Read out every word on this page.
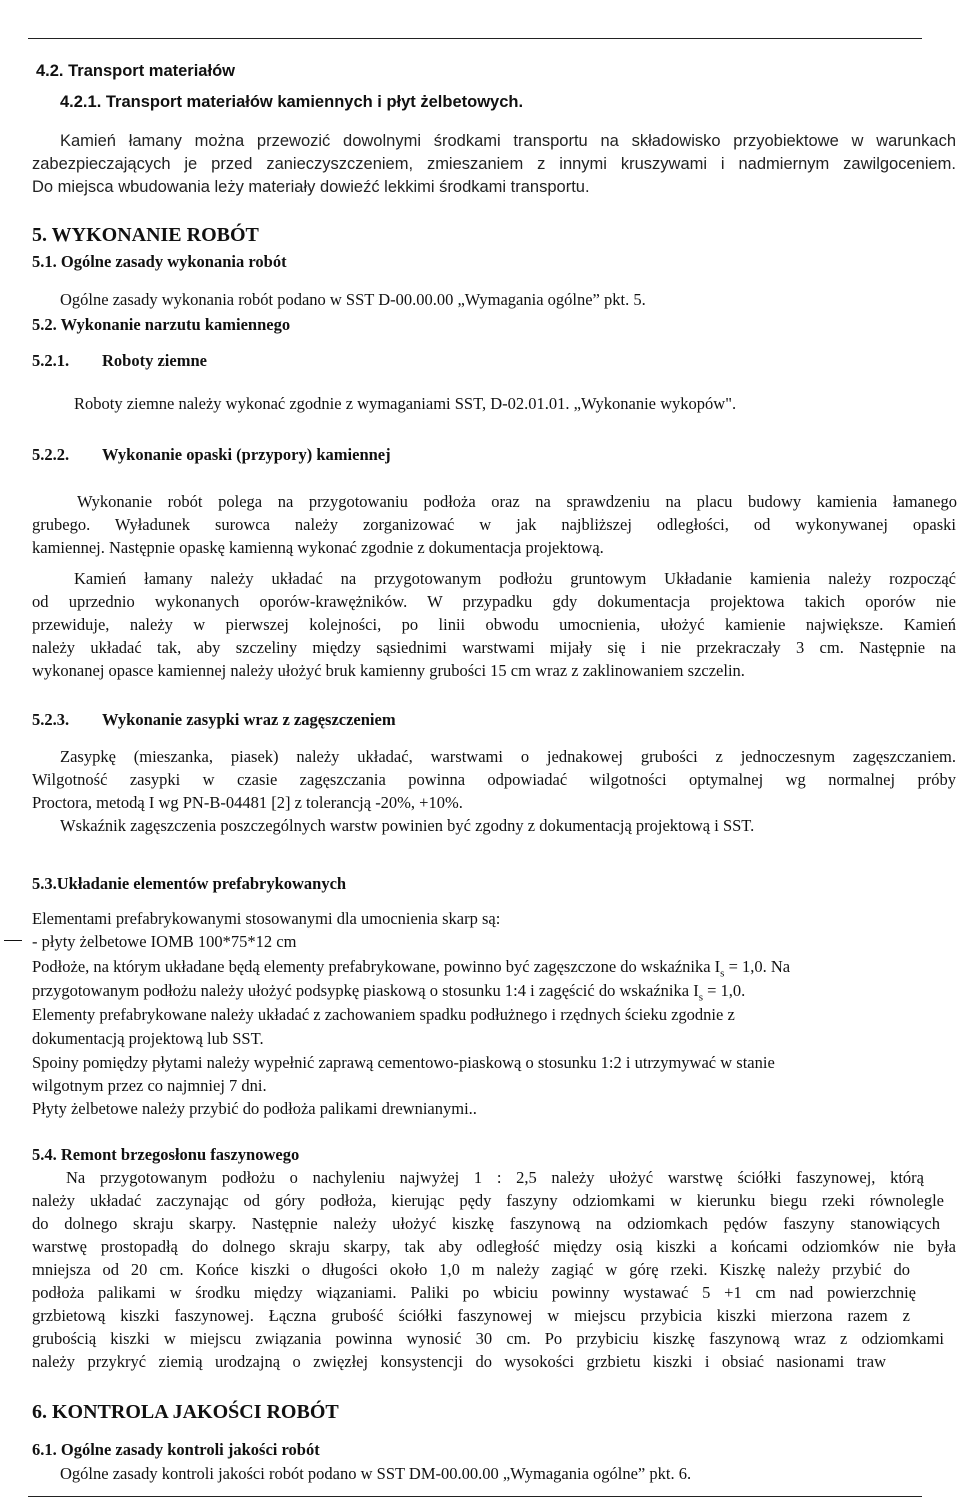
4.2. Transport materiałów
4.2.1. Transport materiałów kamiennych i płyt żelbetowych.
Kamień łamany można przewozić dowolnymi środkami transportu na składowisko przyobiektowe w warunkach
zabezpieczających je przed zanieczyszczeniem, zmieszaniem z innymi kruszywami i nadmiernym zawilgoceniem.
Do miejsca wbudowania leży materiały dowieźć lekkimi środkami transportu.
5. WYKONANIE ROBÓT
5.1. Ogólne zasady wykonania robót
Ogólne zasady wykonania robót podano w SST D-00.00.00 „Wymagania ogólne” pkt. 5.
5.2. Wykonanie narzutu kamiennego
5.2.1. Roboty ziemne
Roboty ziemne należy wykonać zgodnie z wymaganiami SST, D-02.01.01. „Wykonanie wykopów".
5.2.2. Wykonanie opaski (przypory) kamiennej
Wykonanie robót polega na przygotowaniu podłoża oraz na sprawdzeniu na placu budowy kamienia łamanego
grubego. Wyładunek surowca należy zorganizować w jak najbliższej odległości, od wykonywanej opaski
kamiennej. Następnie opaskę kamienną wykonać zgodnie z dokumentacja projektową.
Kamień łamany należy układać na przygotowanym podłożu gruntowym Układanie kamienia należy rozpocząć
od uprzednio wykonanych oporów-krawężników. W przypadku gdy dokumentacja projektowa takich oporów nie
przewiduje, należy w pierwszej kolejności, po linii obwodu umocnienia, ułożyć kamienie największe. Kamień
należy układać tak, aby szczeliny między sąsiednimi warstwami mijały się i nie przekraczały 3 cm. Następnie na
wykonanej opasce kamiennej należy ułożyć bruk kamienny grubości 15 cm wraz z zaklinowaniem szczelin.
5.2.3. Wykonanie zasypki wraz z zagęszczeniem
Zasypkę (mieszanka, piasek) należy układać, warstwami o jednakowej grubości z jednoczesnym zagęszczaniem.
Wilgotność zasypki w czasie zagęszczania powinna odpowiadać wilgotności optymalnej wg normalnej próby
Proctora, metodą I wg PN-B-04481 [2] z tolerancją -20%, +10%.
Wskaźnik zagęszczenia poszczególnych warstw powinien być zgodny z dokumentacją projektową i SST.
5.3.Układanie elementów prefabrykowanych
Elementami prefabrykowanymi stosowanymi dla umocnienia skarp są:
- płyty żelbetowe IOMB 100*75*12 cm
Podłoże, na którym układane będą elementy prefabrykowane, powinno być zagęszczone do wskaźnika $I_s = 1,0$. Na
przygotowanym podłożu należy ułożyć podsypkę piaskową o stosunku 1:4 i zagęścić do wskaźnika $I_s = 1,0$.
Elementy prefabrykowane należy układać z zachowaniem spadku podłużnego i rzędnych ścieku zgodnie z
dokumentacją projektową lub SST.
Spoiny pomiędzy płytami należy wypełnić zaprawą cementowo-piaskową o stosunku 1:2 i utrzymywać w stanie
wilgotnym przez co najmniej 7 dni.
Płyty żelbetowe należy przybić do podłoża palikami drewnianymi..
5.4. Remont brzegosłonu faszynowego
Na przygotowanym podłożu o nachyleniu najwyżej 1 : 2,5 należy ułożyć warstwę ściółki faszynowej, którą
należy układać zaczynając od góry podłoża, kierując pędy faszyny odziomkami w kierunku biegu rzeki równolegle
do dolnego skraju skarpy. Następnie należy ułożyć kiszkę faszynową na odziomkach pędów faszyny stanowiących
warstwę prostopadłą do dolnego skraju skarpy, tak aby odległość między osią kiszki a końcami odziomków nie była
mniejsza od 20 cm. Końce kiszki o długości około 1,0 m należy zagiąć w górę rzeki. Kiszkę należy przybić do
podłoża palikami w środku między wiązaniami. Paliki po wbiciu powinny wystawać 5 +1 cm nad powierzchnię
grzbietową kiszki faszynowej. Łączna grubość ściółki faszynowej w miejscu przybicia kiszki mierzona razem z
grubością kiszki w miejscu związania powinna wynosić 30 cm. Po przybiciu kiszkę faszynową wraz z odziomkami
należy przykryć ziemią urodzajną o zwięzłej konsystencji do wysokości grzbietu kiszki i obsiać nasionami traw
6. KONTROLA JAKOŚCI ROBÓT
6.1. Ogólne zasady kontroli jakości robót
Ogólne zasady kontroli jakości robót podano w SST DM-00.00.00 „Wymagania ogólne” pkt. 6.
